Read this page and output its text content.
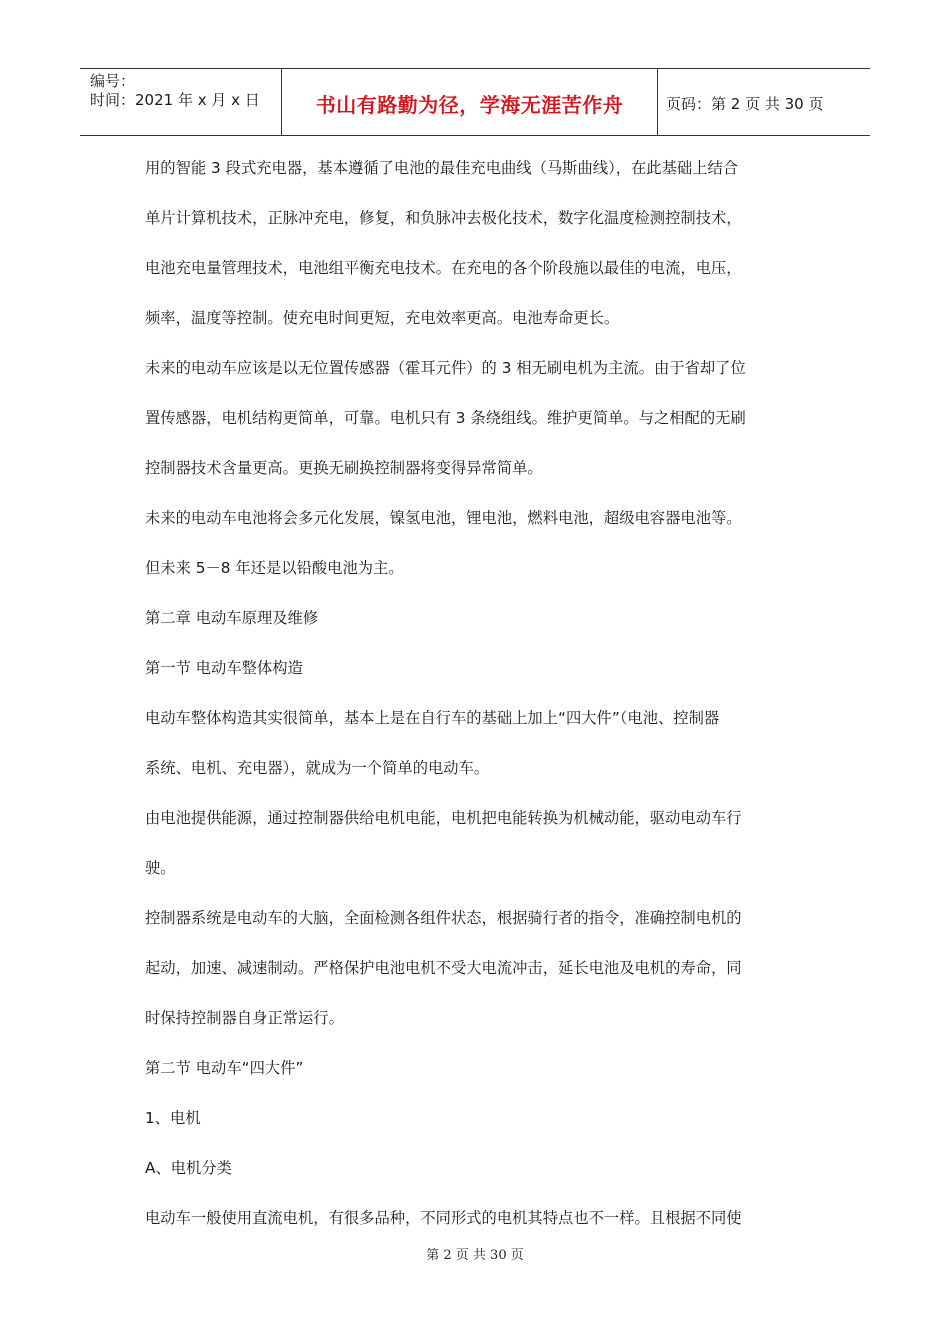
编号：
时间：2021 年 x 月 x 日	书山有路勤为径，学海无涯苦作舟	页码：第 2 页 共 30 页

用的智能 3 段式充电器，基本遵循了电池的最佳充电曲线（马斯曲线），在此基础上结合

单片计算机技术，正脉冲充电，修复，和负脉冲去极化技术，数字化温度检测控制技术，

电池充电量管理技术，电池组平衡充电技术。在充电的各个阶段施以最佳的电流，电压，

频率，温度等控制。使充电时间更短，充电效率更高。电池寿命更长。

未来的电动车应该是以无位置传感器（霍耳元件）的 3 相无刷电机为主流。由于省却了位

置传感器，电机结构更简单，可靠。电机只有 3 条绕组线。维护更简单。与之相配的无刷

控制器技术含量更高。更换无刷换控制器将变得异常简单。

未来的电动车电池将会多元化发展，镍氢电池，锂电池，燃料电池，超级电容器电池等。

但未来 5－8 年还是以铅酸电池为主。

第二章 电动车原理及维修

第一节 电动车整体构造

电动车整体构造其实很简单，基本上是在自行车的基础上加上“四大件”（电池、控制器

系统、电机、充电器），就成为一个简单的电动车。

由电池提供能源，通过控制器供给电机电能，电机把电能转换为机械动能，驱动电动车行

驶。

控制器系统是电动车的大脑，全面检测各组件状态，根据骑行者的指令，准确控制电机的

起动，加速、减速制动。严格保护电池电机不受大电流冲击，延长电池及电机的寿命，同

时保持控制器自身正常运行。

第二节 电动车“四大件”

1、电机

A、电机分类

电动车一般使用直流电机，有很多品种，不同形式的电机其特点也不一样。且根据不同使

第 2 页 共 30 页
